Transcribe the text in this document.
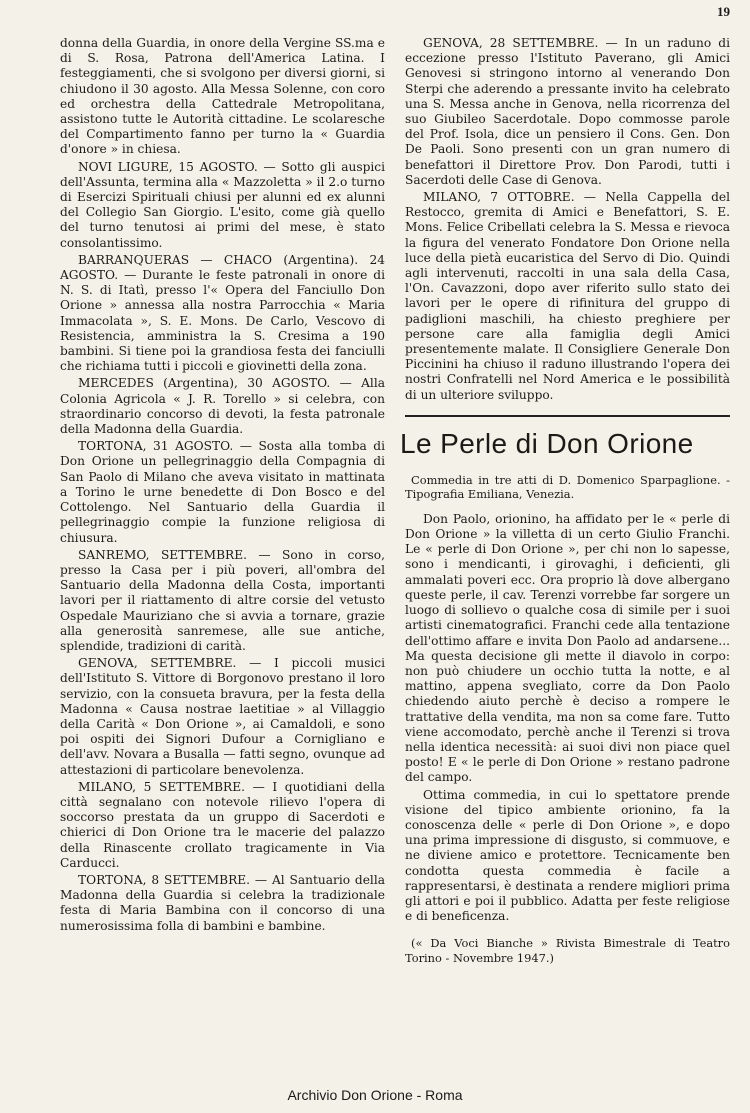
19

donna della Guardia, in onore della Vergine SS.ma e di S. Rosa, Patrona dell'America Latina. I festeggiamenti, che si svolgono per diversi giorni, si chiudono il 30 agosto. Alla Messa Solenne, con coro ed orchestra della Cattedrale Metropolitana, assistono tutte le Autorità cittadine. Le scolaresche del Compartimento fanno per turno la « Guardia d'onore » in chiesa.

NOVI LIGURE, 15 AGOSTO. — Sotto gli auspici dell'Assunta, termina alla « Mazzoletta » il 2.o turno di Esercizi Spirituali chiusi per alunni ed ex alunni del Collegio San Giorgio. L'esito, come già quello del turno tenutosi ai primi del mese, è stato consolantissimo.

BARRANQUERAS — CHACO (Argentina). 24 AGOSTO. — Durante le feste patronali in onore di N. S. di Itatì, presso l'« Opera del Fanciullo Don Orione » annessa alla nostra Parrocchia « Maria Immacolata », S. E. Mons. De Carlo, Vescovo di Resistencia, amministra la S. Cresima a 190 bambini. Si tiene poi la grandiosa festa dei fanciulli che richiama tutti i piccoli e giovinetti della zona.

MERCEDES (Argentina), 30 AGOSTO. — Alla Colonia Agricola « J. R. Torello » si celebra, con straordinario concorso di devoti, la festa patronale della Madonna della Guardia.

TORTONA, 31 AGOSTO. — Sosta alla tomba di Don Orione un pellegrinaggio della Compagnia di San Paolo di Milano che aveva visitato in mattinata a Torino le urne benedette di Don Bosco e del Cottolengo. Nel Santuario della Guardia il pellegrinaggio compie la funzione religiosa di chiusura.

SANREMO, SETTEMBRE. — Sono in corso, presso la Casa per i più poveri, all'ombra del Santuario della Madonna della Costa, importanti lavori per il riattamento di altre corsie del vetusto Ospedale Mauriziano che si avvia a tornare, grazie alla generosità sanremese, alle sue antiche, splendide, tradizioni di carità.

GENOVA, SETTEMBRE. — I piccoli musici dell'Istituto S. Vittore di Borgonovo prestano il loro servizio, con la consueta bravura, per la festa della Madonna « Causa nostrae laetitiae » al Villaggio della Carità « Don Orione », ai Camaldoli, e sono poi ospiti dei Signori Dufour a Cornigliano e dell'avv. Novara a Busalla — fatti segno, ovunque ad attestazioni di particolare benevolenza.

MILANO, 5 SETTEMBRE. — I quotidiani della città segnalano con notevole rilievo l'opera di soccorso prestata da un gruppo di Sacerdoti e chierici di Don Orione tra le macerie del palazzo della Rinascente crollato tragicamente in Via Carducci.

TORTONA, 8 SETTEMBRE. — Al Santuario della Madonna della Guardia si celebra la tradizionale festa di Maria Bambina con il concorso di una numerosissima folla di bambini e bambine.

GENOVA, 28 SETTEMBRE. — In un raduno di eccezione presso l'Istituto Paverano, gli Amici Genovesi si stringono intorno al venerando Don Sterpi che aderendo a pressante invito ha celebrato una S. Messa anche in Genova, nella ricorrenza del suo Giubileo Sacerdotale. Dopo commosse parole del Prof. Isola, dice un pensiero il Cons. Gen. Don De Paoli. Sono presenti con un gran numero di benefattori il Direttore Prov. Don Parodi, tutti i Sacerdoti delle Case di Genova.

MILANO, 7 OTTOBRE. — Nella Cappella del Restocco, gremita di Amici e Benefattori, S. E. Mons. Felice Cribellati celebra la S. Messa e rievoca la figura del venerato Fondatore Don Orione nella luce della pietà eucaristica del Servo di Dio. Quindi agli intervenuti, raccolti in una sala della Casa, l'On. Cavazzoni, dopo aver riferito sullo stato dei lavori per le opere di rifinitura del gruppo di padiglioni maschili, ha chiesto preghiere per persone care alla famiglia degli Amici presentemente malate. Il Consigliere Generale Don Piccinini ha chiuso il raduno illustrando l'opera dei nostri Confratelli nel Nord America e le possibilità di un ulteriore sviluppo.

Le Perle di Don Orione
Commedia in tre atti di D. Domenico Sparpaglione. - Tipografia Emiliana, Venezia.

Don Paolo, orionino, ha affidato per le « perle di Don Orione » la villetta di un certo Giulio Franchi. Le « perle di Don Orione », per chi non lo sapesse, sono i mendicanti, i girovaghi, i deficienti, gli ammalati poveri ecc. Ora proprio là dove albergano queste perle, il cav. Terenzi vorrebbe far sorgere un luogo di sollievo o qualche cosa di simile per i suoi artisti cinematografici. Franchi cede alla tentazione dell'ottimo affare e invita Don Paolo ad andarsene... Ma questa decisione gli mette il diavolo in corpo: non può chiudere un occhio tutta la notte, e al mattino, appena svegliato, corre da Don Paolo chiedendo aiuto perchè è deciso a rompere le trattative della vendita, ma non sa come fare. Tutto viene accomodato, perchè anche il Terenzi si trova nella identica necessità: ai suoi divi non piace quel posto! E « le perle di Don Orione » restano padrone del campo.

Ottima commedia, in cui lo spettatore prende visione del tipico ambiente orionino, fa la conoscenza delle « perle di Don Orione », e dopo una prima impressione di disgusto, si commuove, e ne diviene amico e protettore. Tecnicamente ben condotta questa commedia è facile a rappresentarsi, è destinata a rendere migliori prima gli attori e poi il pubblico. Adatta per feste religiose e di beneficenza.

(« Da Voci Bianche » Rivista Bimestrale di Teatro Torino - Novembre 1947.)
Archivio Don Orione - Roma
